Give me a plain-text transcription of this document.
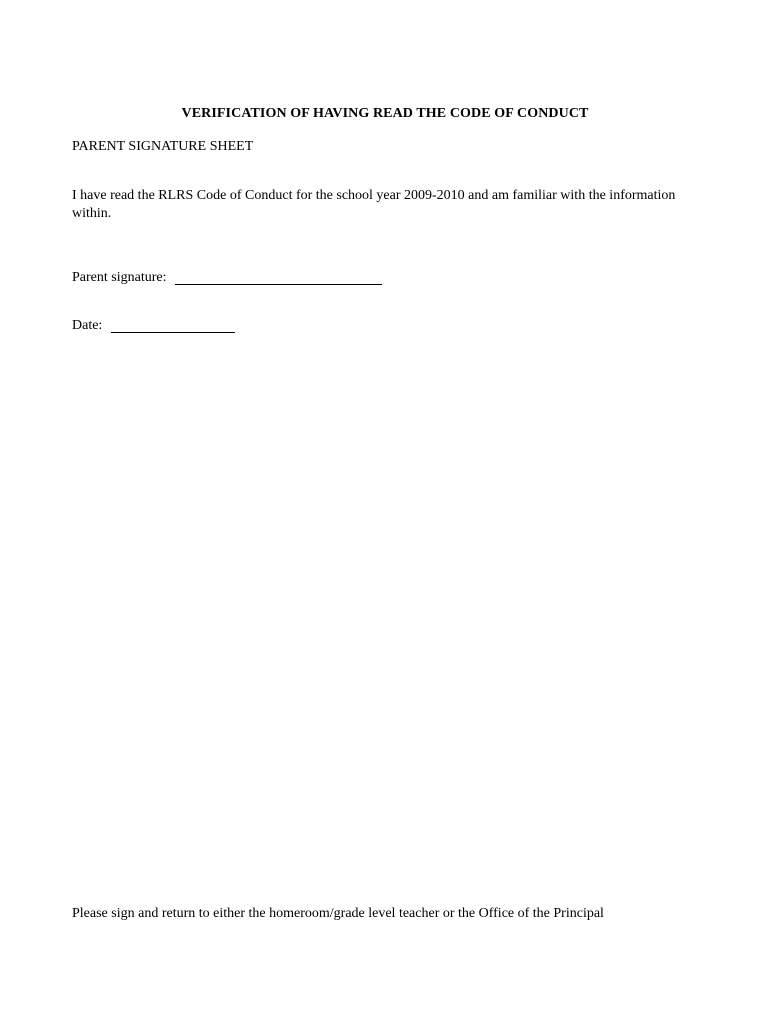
VERIFICATION OF HAVING READ THE CODE OF CONDUCT
PARENT SIGNATURE SHEET
I have read the RLRS Code of Conduct for the school year 2009-2010 and am familiar with the information within.
Parent signature:
Date:
Please sign and return to either the homeroom/grade level teacher or the Office of the Principal
